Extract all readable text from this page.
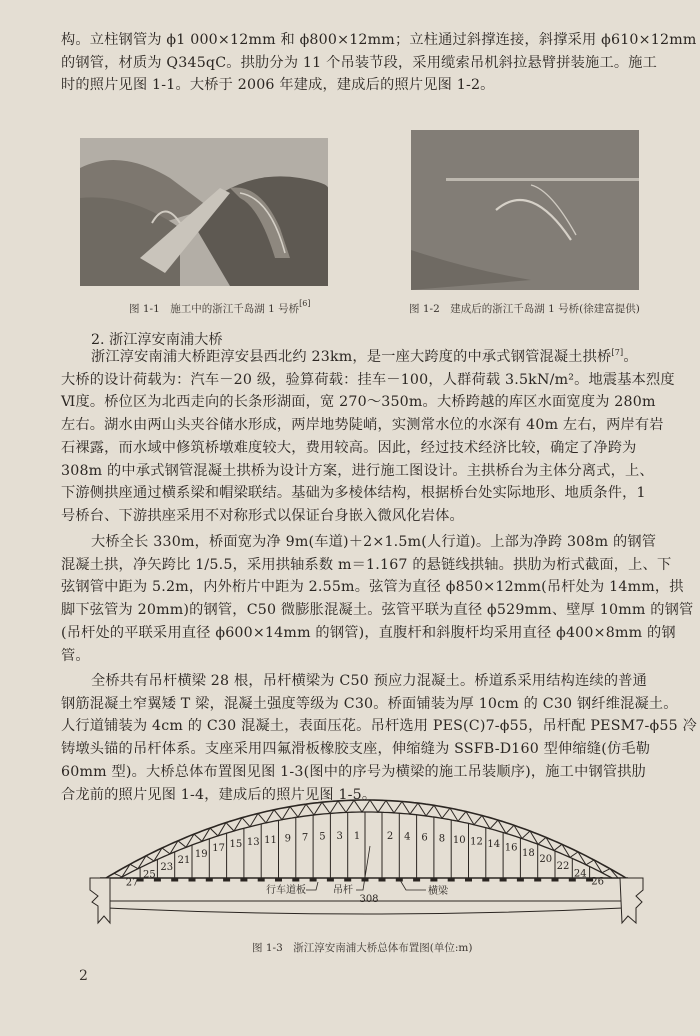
构。立柱钢管为 ϕ1 000×12mm 和 ϕ800×12mm；立柱通过斜撑连接，斜撑采用 ϕ610×12mm
的钢管，材质为 Q345qC。拱肋分为 11 个吊装节段，采用缆索吊机斜拉悬臂拼装施工。施工
时的照片见图 1-1。大桥于 2006 年建成，建成后的照片见图 1-2。
图 1-1　施工中的浙江千岛湖 1 号桥[6]	图 1-2　建成后的浙江千岛湖 1 号桥(徐建富提供)
2. 浙江淳安南浦大桥
浙江淳安南浦大桥距淳安县西北约 23km，是一座大跨度的中承式钢管混凝土拱桥[7]。
大桥的设计荷载为：汽车－20 级，验算荷载：挂车－100，人群荷载 3.5kN/m²。地震基本烈度
Ⅵ度。桥位区为北西走向的长条形湖面，宽 270～350m。大桥跨越的库区水面宽度为 280m
左右。湖水由两山头夹谷储水形成，两岸地势陡峭，实测常水位的水深有 40m 左右，两岸有岩
石裸露，而水域中修筑桥墩难度较大，费用较高。因此，经过技术经济比较，确定了净跨为
308m 的中承式钢管混凝土拱桥为设计方案，进行施工图设计。主拱桥台为主体分离式，上、
下游侧拱座通过横系梁和帽梁联结。基础为多棱体结构，根据桥台处实际地形、地质条件，1
号桥台、下游拱座采用不对称形式以保证台身嵌入微风化岩体。
大桥全长 330m，桥面宽为净 9m(车道)＋2×1.5m(人行道)。上部为净跨 308m 的钢管
混凝土拱，净矢跨比 1/5.5，采用拱轴系数 m＝1.167 的悬链线拱轴。拱肋为桁式截面，上、下
弦钢管中距为 5.2m，内外桁片中距为 2.55m。弦管为直径 ϕ850×12mm(吊杆处为 14mm，拱
脚下弦管为 20mm)的钢管，C50 微膨胀混凝土。弦管平联为直径 ϕ529mm、壁厚 10mm 的钢管
(吊杆处的平联采用直径 ϕ600×14mm 的钢管)，直腹杆和斜腹杆均采用直径 ϕ400×8mm 的钢
管。
全桥共有吊杆横梁 28 根，吊杆横梁为 C50 预应力混凝土。桥道系采用结构连续的普通
钢筋混凝土窄翼矮 T 梁，混凝土强度等级为 C30。桥面铺装为厚 10cm 的 C30 钢纤维混凝土。
人行道铺装为 4cm 的 C30 混凝土，表面压花。吊杆选用 PES(C)7-ϕ55，吊杆配 PESM7-ϕ55 冷
铸墩头锚的吊杆体系。支座采用四氟滑板橡胶支座，伸缩缝为 SSFB-D160 型伸缩缝(仿毛勒
60mm 型)。大桥总体布置图见图 1-3(图中的序号为横梁的施工吊装顺序)，施工中钢管拱肋
合龙前的照片见图 1-4，建成后的照片见图 1-5。
1
3
5
7
9
11
13
15
17
19
21
23
25
27
2 4 6 8 10 12 14 16 18
20
22
24
26
行车道板	吊杆
308
横梁
图 1-3　浙江淳安南浦大桥总体布置图(单位:m)
2
